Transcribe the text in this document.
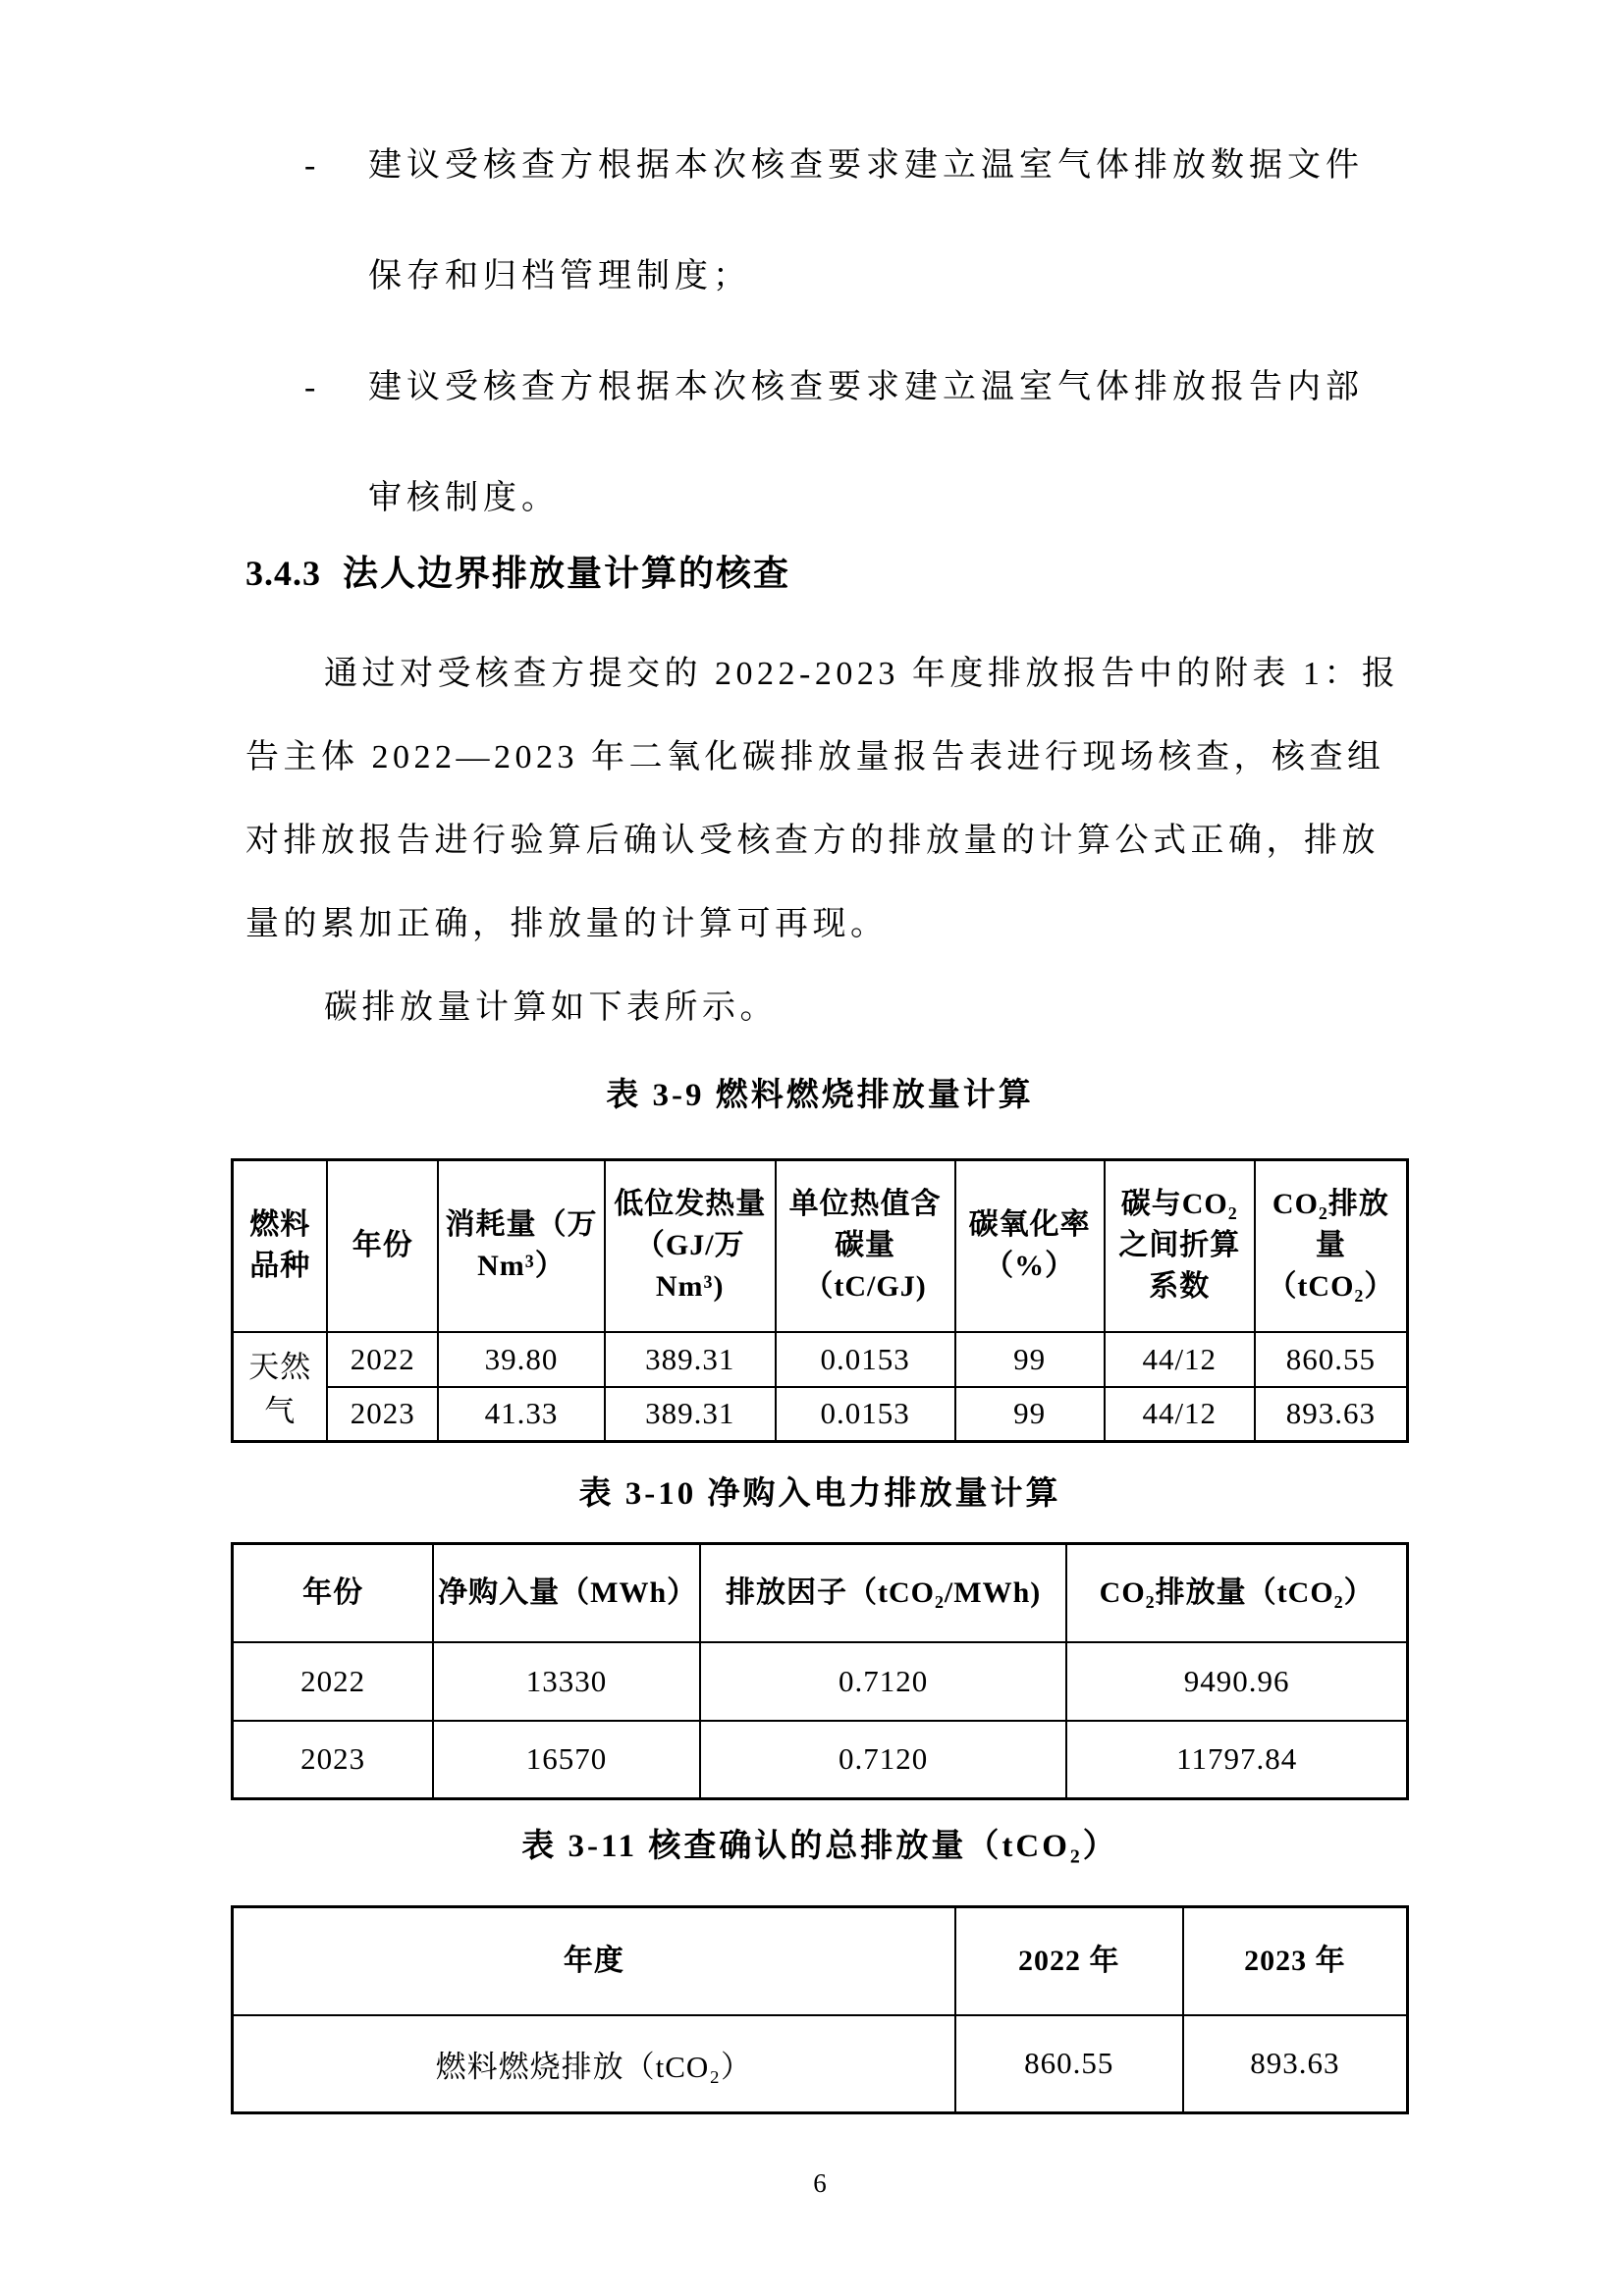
-	建议受核查方根据本次核查要求建立温室气体排放数据文件
保存和归档管理制度；
-	建议受核查方根据本次核查要求建立温室气体排放报告内部
审核制度。
3.4.3 法人边界排放量计算的核查
通过对受核查方提交的 2022-2023 年度排放报告中的附表 1：报
告主体 2022—2023 年二氧化碳排放量报告表进行现场核查，核查组
对排放报告进行验算后确认受核查方的排放量的计算公式正确，排放
量的累加正确，排放量的计算可再现。
碳排放量计算如下表所示。
表 3-9 燃料燃烧排放量计算
燃料品种	年份	消耗量（万 Nm³）	低位发热量（GJ/万 Nm³)	单位热值含碳量（tC/GJ)	碳氧化率（%）	碳与CO₂之间折算系数	CO₂排放量（tCO₂）
天然气	2022	39.80	389.31	0.0153	99	44/12	860.55
	2023	41.33	389.31	0.0153	99	44/12	893.63
表 3-10 净购入电力排放量计算
年份	净购入量（MWh）	排放因子（tCO₂/MWh)	CO₂排放量（tCO₂）
2022	13330	0.7120	9490.96
2023	16570	0.7120	11797.84
表 3-11 核查确认的总排放量（tCO₂）
年度	2022 年	2023 年
燃料燃烧排放（tCO₂）	860.55	893.63
6
